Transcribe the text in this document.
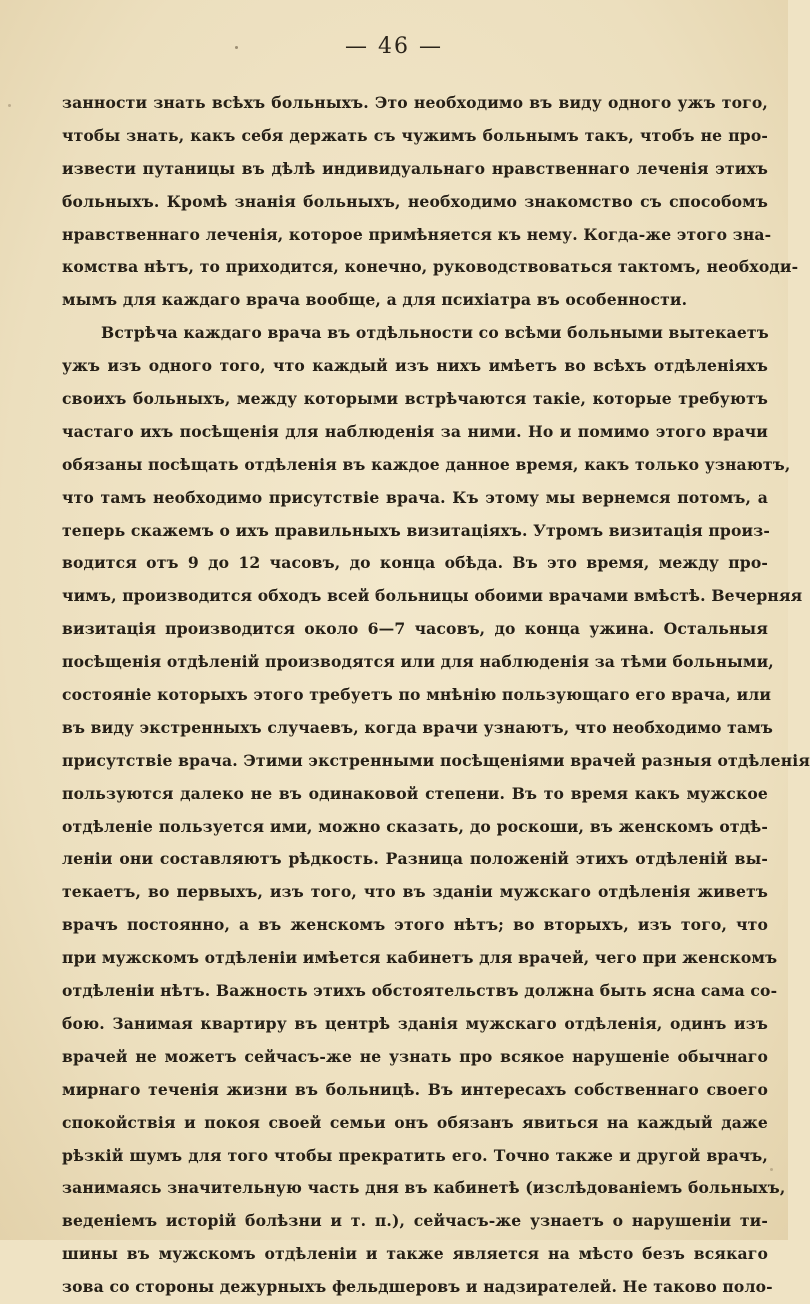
— 46 —
занности знать всѣхъ больныхъ. Это необходимо въ виду одного ужъ того,
чтобы знать, какъ себя держать съ чужимъ больнымъ такъ, чтобъ не про-
извести путаницы въ дѣлѣ индивидуальнаго нравственнаго леченія этихъ
больныхъ. Кромѣ знанія больныхъ, необходимо знакомство съ способомъ
нравственнаго леченія, которое примѣняется къ нему. Когда-же этого зна-
комства нѣтъ, то приходится, конечно, руководствоваться тактомъ, необходи-
мымъ для каждаго врача вообще, а для психіатра въ особенности.
Встрѣча каждаго врача въ отдѣльности со всѣми больными вытекаетъ
ужъ изъ одного того, что каждый изъ нихъ имѣетъ во всѣхъ отдѣленіяхъ
своихъ больныхъ, между которыми встрѣчаются такіе, которые требуютъ
частаго ихъ посѣщенія для наблюденія за ними. Но и помимо этого врачи
обязаны посѣщать отдѣленія въ каждое данное время, какъ только узнаютъ,
что тамъ необходимо присутствіе врача. Къ этому мы вернемся потомъ, а
теперь скажемъ о ихъ правильныхъ визитаціяхъ. Утромъ визитація произ-
водится отъ 9 до 12 часовъ, до конца обѣда. Въ это время, между про-
чимъ, производится обходъ всей больницы обоими врачами вмѣстѣ. Вечерняя
визитація производится около 6—7 часовъ, до конца ужина. Остальныя
посѣщенія отдѣленій производятся или для наблюденія за тѣми больными,
состояніе которыхъ этого требуетъ по мнѣнію пользующаго его врача, или
въ виду экстренныхъ случаевъ, когда врачи узнаютъ, что необходимо тамъ
присутствіе врача. Этими экстренными посѣщеніями врачей разныя отдѣленія
пользуются далеко не въ одинаковой степени. Въ то время какъ мужское
отдѣленіе пользуется ими, можно сказать, до роскоши, въ женскомъ отдѣ-
леніи они составляютъ рѣдкость. Разница положеній этихъ отдѣленій вы-
текаетъ, во первыхъ, изъ того, что въ зданіи мужскаго отдѣленія живетъ
врачъ постоянно, а въ женскомъ этого нѣтъ; во вторыхъ, изъ того, что
при мужскомъ отдѣленіи имѣется кабинетъ для врачей, чего при женскомъ
отдѣленіи нѣтъ. Важность этихъ обстоятельствъ должна быть ясна сама со-
бою. Занимая квартиру въ центрѣ зданія мужскаго отдѣленія, одинъ изъ
врачей не можетъ сейчасъ-же не узнать про всякое нарушеніе обычнаго
мирнаго теченія жизни въ больницѣ. Въ интересахъ собственнаго своего
спокойствія и покоя своей семьи онъ обязанъ явиться на каждый даже
рѣзкій шумъ для того чтобы прекратить его. Точно также и другой врачъ,
занимаясь значительную часть дня въ кабинетѣ (изслѣдованіемъ больныхъ,
веденіемъ исторій болѣзни и т. п.), сейчасъ-же узнаетъ о нарушеніи ти-
шины въ мужскомъ отдѣленіи и также является на мѣсто безъ всякаго
зова со стороны дежурныхъ фельдшеровъ и надзирателей. Не таково поло-
